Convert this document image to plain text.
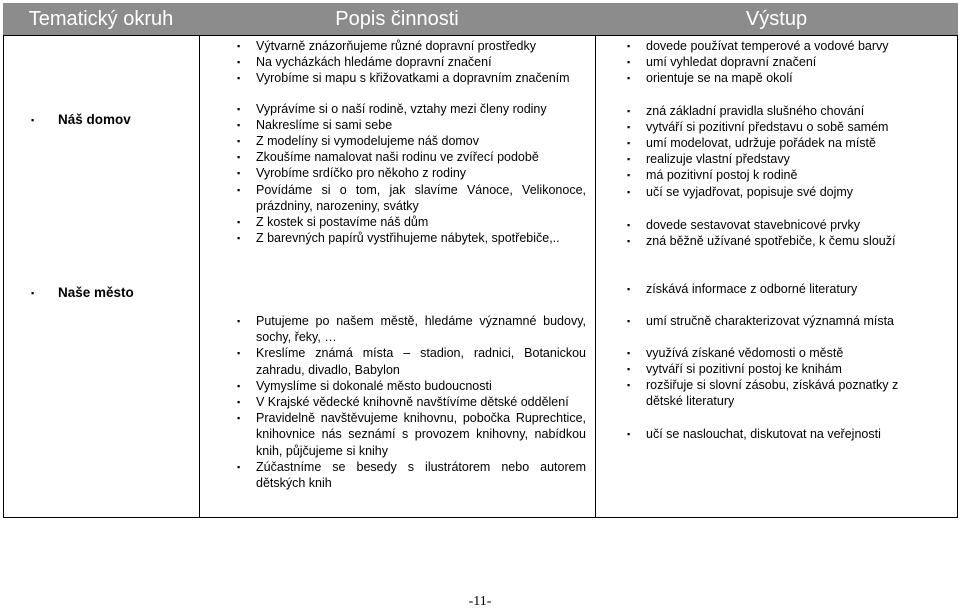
Tematický okruh	Popis činnosti	Výstup
▪ Náš domov
▪ Naše město
▪ Výtvarně znázorňujeme různé dopravní prostředky
▪ Na vycházkách hledáme dopravní značení
▪ Vyrobíme si mapu s křižovatkami a dopravním značením
▪ Vyprávíme si o naší rodině, vztahy mezi členy rodiny
▪ Nakreslíme si sami sebe
▪ Z modelíny si vymodelujeme náš domov
▪ Zkoušíme namalovat naši rodinu ve zvířecí podobě
▪ Vyrobíme srdíčko pro někoho z rodiny
▪ Povídáme si o tom, jak slavíme Vánoce, Velikonoce, prázdniny, narozeniny, svátky
▪ Z kostek si postavíme náš dům
▪ Z barevných papírů vystřihujeme nábytek, spotřebiče,..
▪ Putujeme po našem městě, hledáme významné budovy, sochy, řeky, …
▪ Kreslíme známá místa – stadion, radnici, Botanickou zahradu, divadlo, Babylon
▪ Vymyslíme si dokonalé město budoucnosti
▪ V Krajské vědecké knihovně navštívíme dětské oddělení
▪ Pravidelně navštěvujeme knihovnu, pobočka Ruprechtice, knihovnice nás seznámí s provozem knihovny, nabídkou knih, půjčujeme si knihy
▪ Zúčastníme se besedy s ilustrátorem nebo autorem dětských knih
▪ dovede používat temperové a vodové barvy
▪ umí vyhledat dopravní značení
▪ orientuje se na mapě okolí
▪ zná základní pravidla slušného chování
▪ vytváří si pozitivní představu o sobě samém
▪ umí modelovat, udržuje pořádek na místě
▪ realizuje vlastní představy
▪ má pozitivní postoj k rodině
▪ učí se vyjadřovat, popisuje své dojmy
▪ dovede sestavovat stavebnicové prvky
▪ zná běžně užívané spotřebiče, k čemu slouží
▪ získává informace z odborné literatury
▪ umí stručně charakterizovat významná místa
▪ využívá získané vědomosti o městě
▪ vytváří si pozitivní postoj ke knihám
▪ rozšiřuje si slovní zásobu, získává poznatky z dětské literatury
▪ učí se naslouchat, diskutovat na veřejnosti
-11-
